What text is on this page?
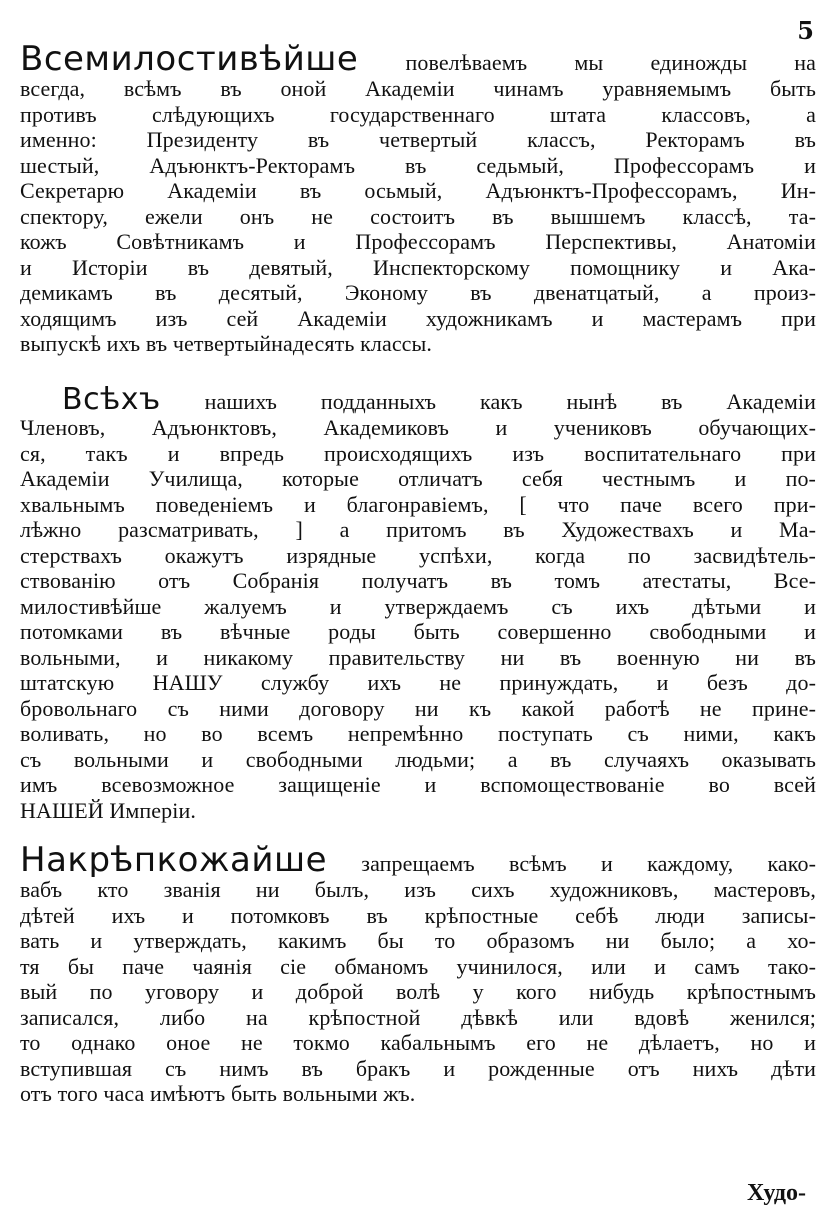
5
Всемилостивѣйше повелѣваемъ мы единожды на
всегда, всѣмъ въ оной Академiи чинамъ уравняемымъ быть
противъ слѣдующихъ государственнаго штата классовъ, а
именно: Президенту въ четвертый классъ, Ректорамъ въ
шестый, Адъюнктъ-Ректорамъ въ седьмый, Профессорамъ и
Секретарю Академiи въ осьмый, Адъюнктъ-Профессорамъ, Ин-
спектору, ежели онъ не состоитъ въ вышшемъ классѣ, та-
кожъ Совѣтникамъ и Профессорамъ Перспективы, Анатомiи
и Исторiи въ девятый, Инспекторскому помощнику и Ака-
демикамъ въ десятый, Эконому въ двенатцатый, а произ-
ходящимъ изъ сей Академiи художникамъ и мастерамъ при
выпускѣ ихъ въ четвертыйнадесять классы.
Всѣхъ нашихъ подданныхъ какъ нынѣ въ Академiи
Членовъ, Адъюнктовъ, Академиковъ и учениковъ обучающих-
ся, такъ и впредь происходящихъ изъ воспитательнаго при
Академiи Училища, которые отличатъ себя честнымъ и по-
хвальнымъ поведенiемъ и благонравiемъ, [ что паче всего при-
лѣжно разсматривать, ] а притомъ въ Художествахъ и Ма-
стерствахъ окажутъ изрядные успѣхи, когда по засвидѣтель-
ствованiю отъ Собранiя получатъ въ томъ атестаты, Все-
милостивѣйше жалуемъ и утверждаемъ съ ихъ дѣтьми и
потомками въ вѣчные роды быть совершенно свободными и
вольными, и никакому правительству ни въ военную ни въ
штатскую НАШУ службу ихъ не принуждать, и безъ до-
бровольнаго съ ними договору ни къ какой работѣ не прине-
воливать, но во всемъ непремѣнно поступать съ ними, какъ
съ вольными и свободными людьми; а въ случаяхъ оказывать
имъ всевозможное защищенiе и вспомоществованiе во всей
НАШЕЙ Имперiи.
Накрѣпкожайше запрещаемъ всѣмъ и каждому, како-
вабъ кто званiя ни былъ, изъ сихъ художниковъ, мастеровъ,
дѣтей ихъ и потомковъ въ крѣпостные себѣ люди записы-
вать и утверждать, какимъ бы то образомъ ни было; а хо-
тя бы паче чаянiя сiе обманомъ учинилося, или и самъ тако-
вый по уговору и доброй волѣ у кого нибудь крѣпостнымъ
записался, либо на крѣпостной дѣвкѣ или вдовѣ женился;
то однако оное не токмо кабальнымъ его не дѣлаетъ, но и
вступившая съ нимъ въ бракъ и рожденные отъ нихъ дѣти
отъ того часа имѣютъ быть вольными жъ.
Худо-
